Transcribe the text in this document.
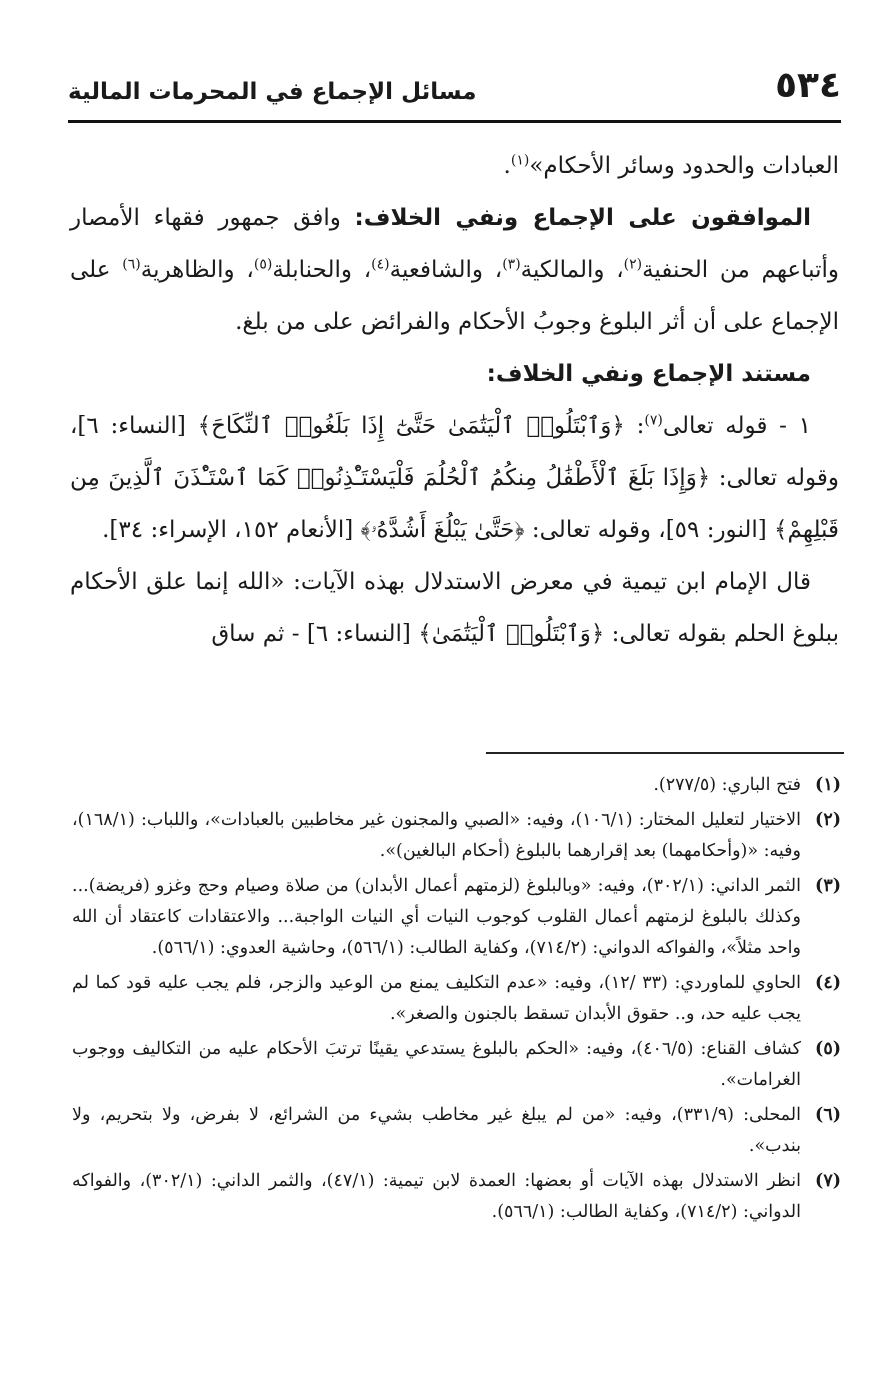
٥٣٤
مسائل الإجماع في المحرمات المالية

العبادات والحدود وسائر الأحكام»$^{(١)}$.

الموافقون على الإجماع ونفي الخلاف: وافق جمهور فقهاء الأمصار وأتباعهم من الحنفية$^{(٢)}$، والمالكية$^{(٣)}$، والشافعية$^{(٤)}$، والحنابلة$^{(٥)}$، والظاهرية$^{(٦)}$ على الإجماع على أن أثر البلوغ وجوبُ الأحكام والفرائض على من بلغ.

مستند الإجماع ونفي الخلاف:

١ - قوله تعالى$^{(٧)}$: ﴿وَٱبْتَلُوا۟ ٱلْيَتَٰمَىٰ حَتَّىٰٓ إِذَا بَلَغُوا۟ ٱلنِّكَاحَ﴾ [النساء: ٦]، وقوله تعالى: ﴿وَإِذَا بَلَغَ ٱلْأَطْفَٰلُ مِنكُمُ ٱلْحُلُمَ فَلْيَسْتَـْٔذِنُوا۟ كَمَا ٱسْتَـْٔذَنَ ٱلَّذِينَ مِن قَبْلِهِمْ﴾ [النور: ٥٩]، وقوله تعالى: ﴿حَتَّىٰ يَبْلُغَ أَشُدَّهُۥ﴾ [الأنعام ١٥٢، الإسراء: ٣٤].

قال الإمام ابن تيمية في معرض الاستدلال بهذه الآيات: «الله إنما علق الأحكام ببلوغ الحلم بقوله تعالى: ﴿وَٱبْتَلُوا۟ ٱلْيَتَٰمَىٰ﴾ [النساء: ٦] - ثم ساق

(١)
فتح الباري: (٢٧٧/٥).
(٢)
الاختيار لتعليل المختار: (١٠٦/١)، وفيه: «الصبي والمجنون غير مخاطبين بالعبادات»، واللباب: (١٦٨/١)، وفيه: «(وأحكامهما) بعد إقرارهما بالبلوغ (أحكام البالغين)».
(٣)
الثمر الداني: (٣٠٢/١)، وفيه: «وبالبلوغ (لزمتهم أعمال الأبدان) من صلاة وصيام وحج وغزو (فريضة)... وكذلك بالبلوغ لزمتهم أعمال القلوب كوجوب النيات أي النيات الواجبة... والاعتقادات كاعتقاد أن الله واحد مثلاً»، والفواكه الدواني: (٧١٤/٢)، وكفاية الطالب: (٥٦٦/١)، وحاشية العدوي: (٥٦٦/١).
(٤)
الحاوي للماوردي: (٣٣ /١٢)، وفيه: «عدم التكليف يمنع من الوعيد والزجر، فلم يجب عليه قود كما لم يجب عليه حد، و.. حقوق الأبدان تسقط بالجنون والصغر».
(٥)
كشاف القناع: (٤٠٦/٥)، وفيه: «الحكم بالبلوغ يستدعي يقينًا ترتبَ الأحكام عليه من التكاليف ووجوب الغرامات».
(٦)
المحلى: (٣٣١/٩)، وفيه: «من لم يبلغ غير مخاطب بشيء من الشرائع، لا بفرض، ولا بتحريم، ولا بندب».
(٧)
انظر الاستدلال بهذه الآيات أو بعضها: العمدة لابن تيمية: (٤٧/١)، والثمر الداني: (٣٠٢/١)، والفواكه الدواني: (٧١٤/٢)، وكفاية الطالب: (٥٦٦/١).
